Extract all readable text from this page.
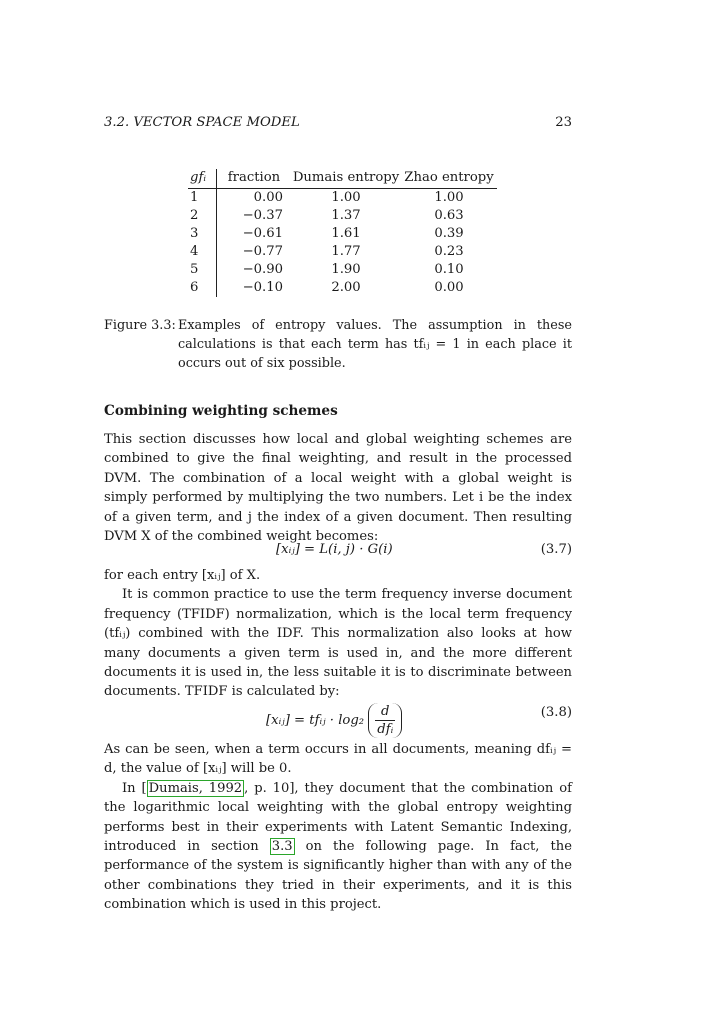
3.2. VECTOR SPACE MODEL	23
gfᵢ	fraction	Dumais entropy	Zhao entropy
1	0.00	1.00	1.00
2	−0.37	1.37	0.63
3	−0.61	1.61	0.39
4	−0.77	1.77	0.23
5	−0.90	1.90	0.10
6	−0.10	2.00	0.00
Figure 3.3: Examples of entropy values. The assumption in these calculations is that each term has tfᵢⱼ = 1 in each place it occurs out of six possible.
Combining weighting schemes
This section discusses how local and global weighting schemes are combined to give the final weighting, and result in the processed DVM. The combination of a local weight with a global weight is simply performed by multiplying the two numbers. Let i be the index of a given term, and j the index of a given document. Then resulting DVM X of the combined weight becomes:
[xᵢⱼ] = L(i, j) · G(i)	(3.7)
for each entry [xᵢⱼ] of X.
It is common practice to use the term frequency inverse document frequency (TFIDF) normalization, which is the local term frequency (tfᵢⱼ) combined with the IDF. This normalization also looks at how many documents a given term is used in, and the more different documents it is used in, the less suitable it is to discriminate between documents. TFIDF is calculated by:
[xᵢⱼ] = tfᵢⱼ · $\log_2 \frac{d}{\text{dfᵢ}}$	(3.8)
As can be seen, when a term occurs in all documents, meaning dfᵢⱼ = d, the value of [xᵢⱼ] will be 0.
In [ Dumais, 1992 , p. 10], they document that the combination of the logarithmic local weighting with the global entropy weighting performs best in their experiments with Latent Semantic Indexing, introduced in section 3.3 on the following page. In fact, the performance of the system is significantly higher than with any of the other combinations they tried in their experiments, and it is this combination which is used in this project.
